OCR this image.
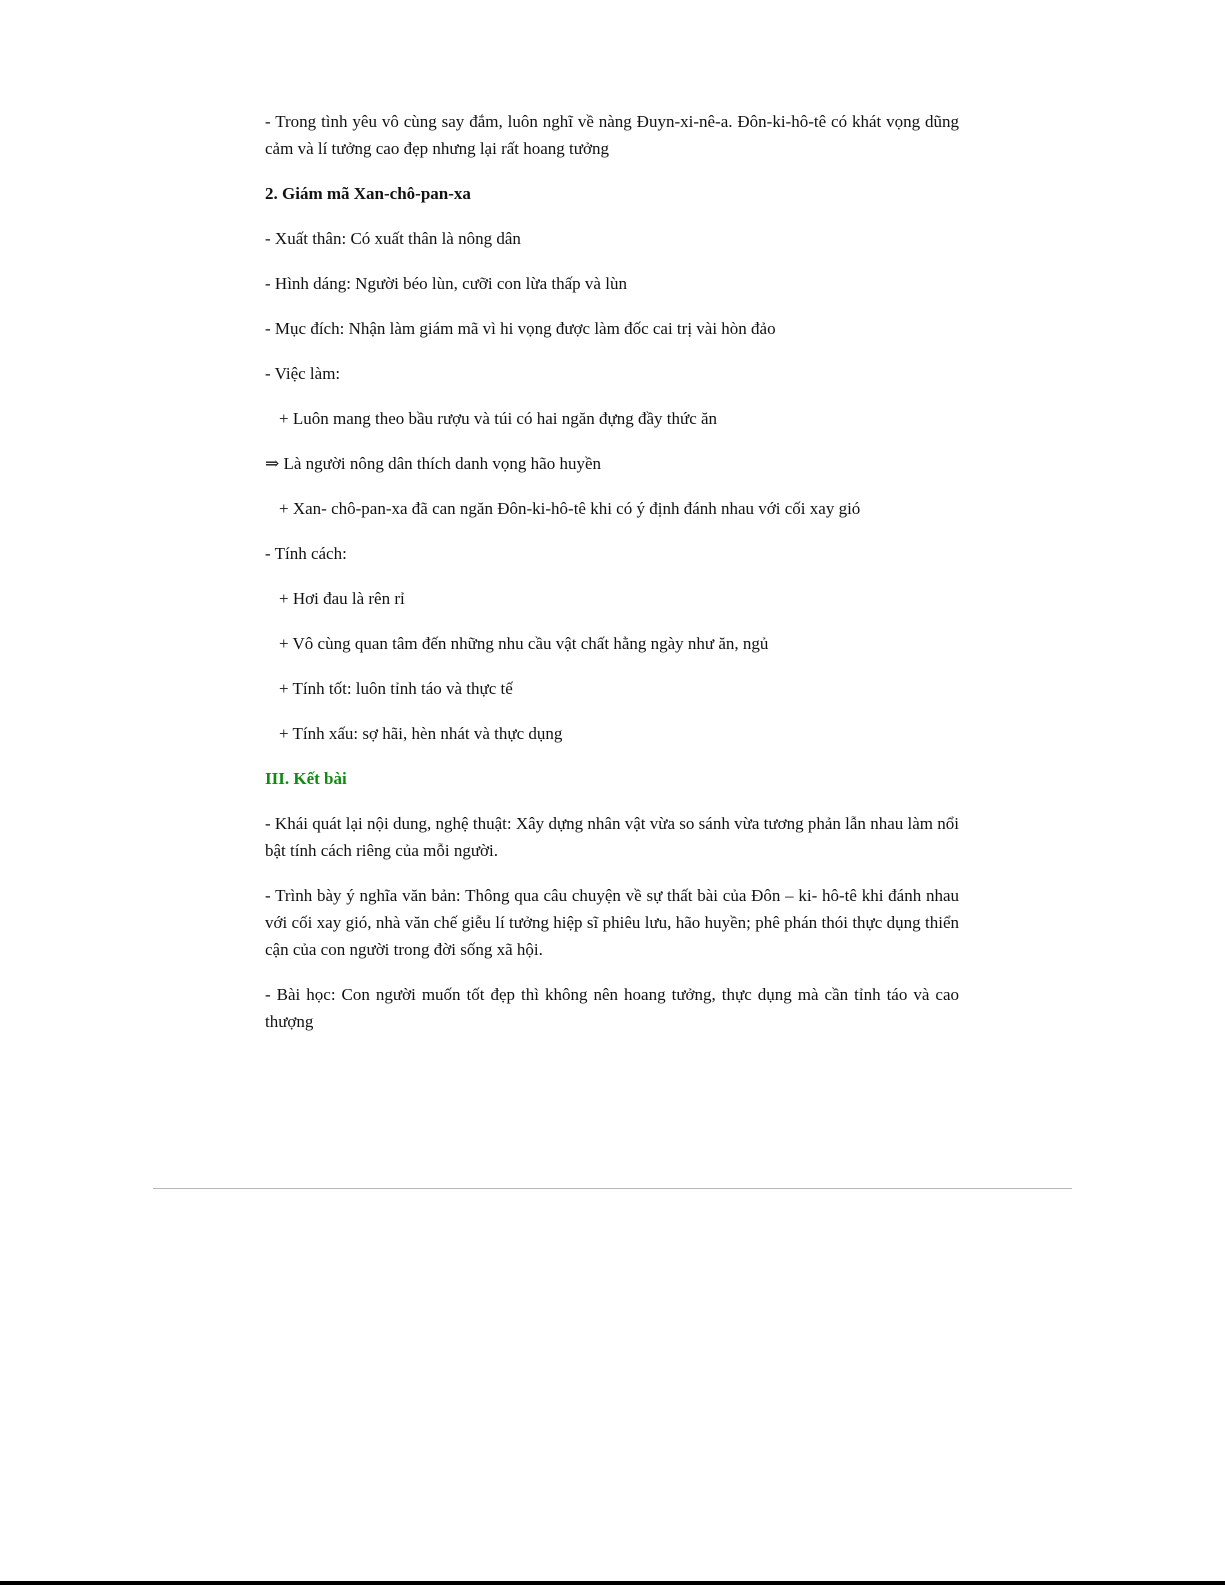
- Trong tình yêu vô cùng say đắm, luôn nghĩ về nàng Đuyn-xi-nê-a. Đôn-ki-hô-tê có khát vọng dũng cảm và lí tưởng cao đẹp nhưng lại rất hoang tưởng

2. Giám mã Xan-chô-pan-xa

- Xuất thân: Có xuất thân là nông dân

- Hình dáng: Người béo lùn, cưỡi con lừa thấp và lùn

- Mục đích: Nhận làm giám mã vì hi vọng được làm đốc cai trị vài hòn đảo

- Việc làm:

+ Luôn mang theo bầu rượu và túi có hai ngăn đựng đầy thức ăn

⇒ Là người nông dân thích danh vọng hão huyền

+ Xan- chô-pan-xa đã can ngăn Đôn-ki-hô-tê khi có ý định đánh nhau với cối xay gió

- Tính cách:

+ Hơi đau là rên rỉ

+ Vô cùng quan tâm đến những nhu cầu vật chất hằng ngày như ăn, ngủ

+ Tính tốt: luôn tỉnh táo và thực tế

+ Tính xấu: sợ hãi, hèn nhát và thực dụng

III. Kết bài

- Khái quát lại nội dung, nghệ thuật: Xây dựng nhân vật vừa so sánh vừa tương phản lẫn nhau làm nổi bật tính cách riêng của mỗi người.

- Trình bày ý nghĩa văn bản: Thông qua câu chuyện về sự thất bài của Đôn – ki- hô-tê khi đánh nhau với cối xay gió, nhà văn chế giễu lí tưởng hiệp sĩ phiêu lưu, hão huyền; phê phán thói thực dụng thiển cận của con người trong đời sống xã hội.

- Bài học: Con người muốn tốt đẹp thì không nên hoang tưởng, thực dụng mà cần tỉnh táo và cao thượng
